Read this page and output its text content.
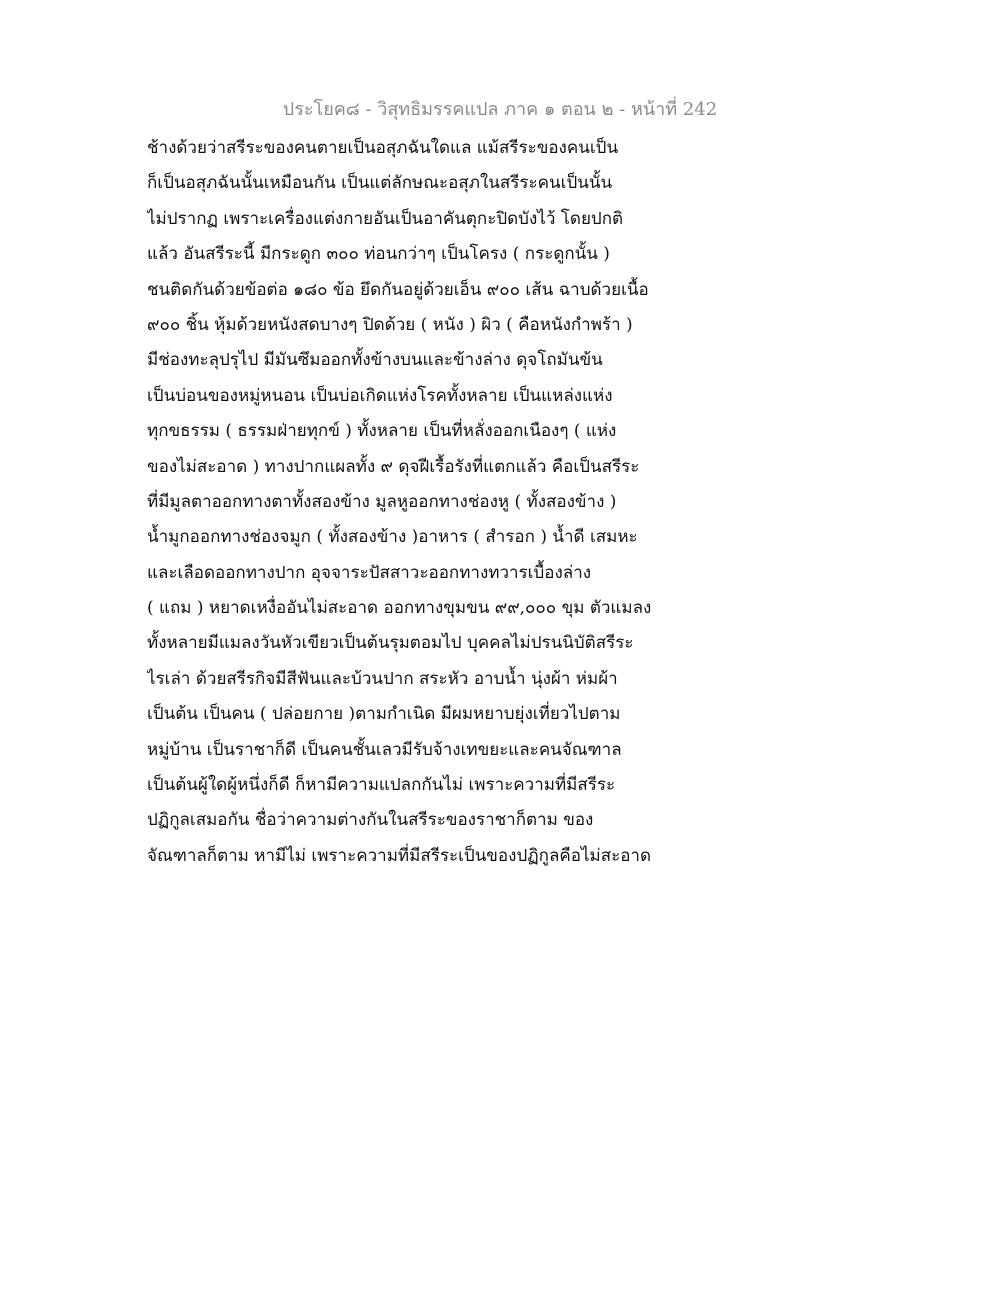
ประโยค๘ - วิสุทธิมรรคแปล ภาค ๑ ตอน ๒ - หน้าที่ 242
ช้างด้วยว่าสรีระของคนตายเป็นอสุภฉันใดแล แม้สรีระของคนเป็น
ก็เป็นอสุภฉันนั้นเหมือนกัน เป็นแต่ลักษณะอสุภในสรีระคนเป็นนั้น
ไม่ปรากฏ เพราะเครื่องแต่งกายอันเป็นอาคันตุกะปิดบังไว้ โดยปกติ
แล้ว อันสรีระนี้ มีกระดูก ๓๐๐ ท่อนกว่าๆ เป็นโครง ( กระดูกนั้น )
ชนติดกันด้วยข้อต่อ ๑๘๐ ข้อ ยึดกันอยู่ด้วยเอ็น ๙๐๐ เส้น ฉาบด้วยเนื้อ
๙๐๐ ชิ้น หุ้มด้วยหนังสดบางๆ ปิดด้วย ( หนัง ) ผิว ( คือหนังกำพร้า )
มีช่องทะลุปรุไป มีมันซึมออกทั้งข้างบนและข้างล่าง ดุจโถมันข้น
เป็นบ่อนของหมู่หนอน เป็นบ่อเกิดแห่งโรคทั้งหลาย เป็นแหล่งแห่ง
ทุกขธรรม ( ธรรมฝ่ายทุกข์ ) ทั้งหลาย เป็นที่หลั่งออกเนืองๆ ( แห่ง
ของไม่สะอาด ) ทางปากแผลทั้ง ๙ ดุจฝีเรื้อรังที่แตกแล้ว คือเป็นสรีระ
ที่มีมูลตาออกทางตาทั้งสองข้าง มูลหูออกทางช่องหู ( ทั้งสองข้าง )
น้ำมูกออกทางช่องจมูก ( ทั้งสองข้าง )อาหาร ( สำรอก ) น้ำดี เสมหะ
และเลือดออกทางปาก อุจจาระปัสสาวะออกทางทวารเบื้องล่าง
( แถม ) หยาดเหงื่ออันไม่สะอาด ออกทางขุมขน ๙๙,๐๐๐ ขุม ตัวแมลง
ทั้งหลายมีแมลงวันหัวเขียวเป็นต้นรุมตอมไป บุคคลไม่ปรนนิบัติสรีระ
ไรเล่า ด้วยสรีรกิจมีสีฟันและบ้วนปาก สระหัว อาบน้ำ นุ่งผ้า ห่มผ้า
เป็นต้น เป็นคน ( ปล่อยกาย )ตามกำเนิด มีผมหยาบยุ่งเที่ยวไปตาม
หมู่บ้าน เป็นราชาก็ดี เป็นคนชั้นเลวมีรับจ้างเทขยะและคนจัณฑาล
เป็นต้นผู้ใดผู้หนึ่งก็ดี ก็หามีความแปลกกันไม่ เพราะความที่มีสรีระ
ปฏิกูลเสมอกัน ชื่อว่าความต่างกันในสรีระของราชาก็ตาม ของ
จัณฑาลก็ตาม หามีไม่ เพราะความที่มีสรีระเป็นของปฏิกูลคือไม่สะอาด
